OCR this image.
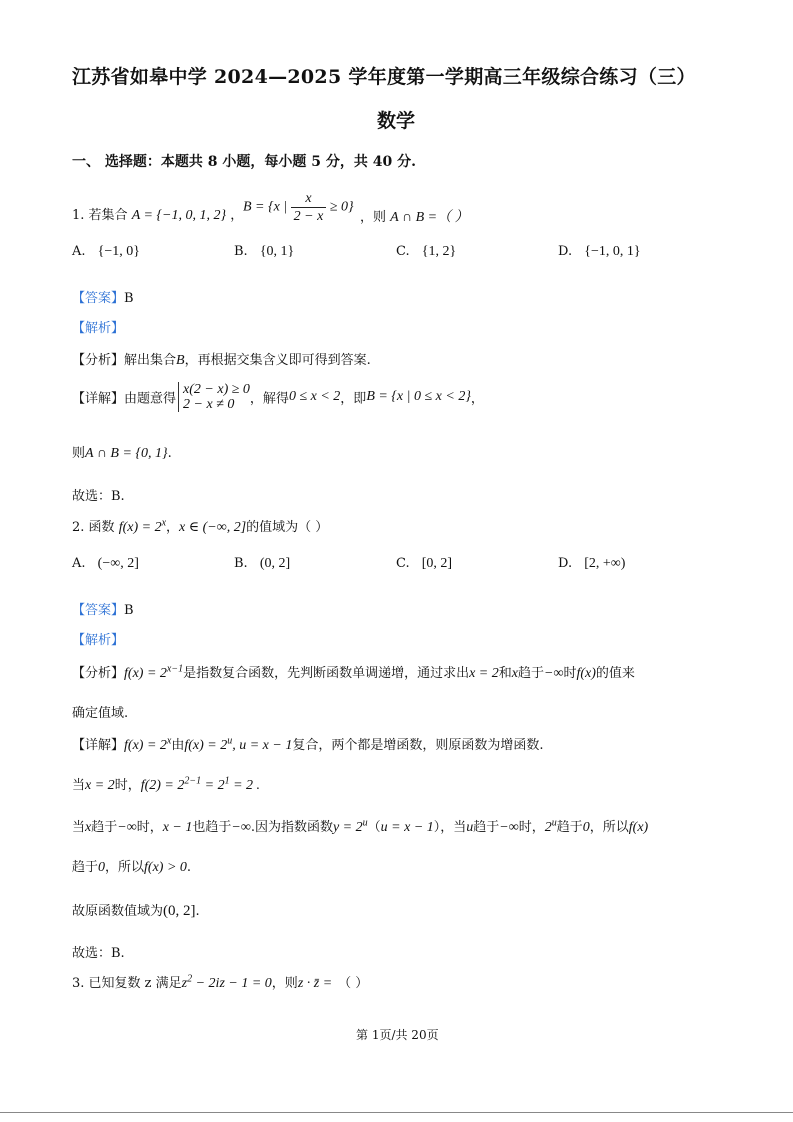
江苏省如皋中学 2024—2025 学年度第一学期高三年级综合练习（三）
数学
一、 选择题：本题共 8 小题，每小题 5 分，共 40 分.
1. 若集合 A = {−1, 0, 1, 2} ，
B = {x | $\frac{x}{2 - x} \ge 0$}
，则 A ∩ B =（ ）
A. {−1, 0}	B. {0, 1}	C. {1, 2}	D. {−1, 0, 1}
【答案】B
【解析】
【分析】解出集合B，再根据交集含义即可得到答案.
【详解】由题意得
x(2 − x) ≥ 0
2 − x ≠ 0	，解得0 ≤ x < 2，即B = {x | 0 ≤ x < 2}，
则A ∩ B = {0, 1}.
故选：B.
2. 函数 $f(x) = 2^x$，x ∈ (−∞, 2]的值域为（ ）
A. (−∞, 2]	B. (0, 2]	C. [0, 2]	D. [2, +∞)
【答案】B
【解析】
【分析】$f(x) = 2^{x-1}$是指数复合函数，先判断函数单调递增，通过求出x = 2和x趋于−∞时f(x)的值来
确定值域.
【详解】$f(x) = 2^x$由$f(x) = 2^u$, u = x − 1复合，两个都是增函数，则原函数为增函数.
当x = 2时，$f(2) = 2^{2-1} = 2^1 = 2$ .
当x趋于−∞时，x − 1也趋于−∞.因为指数函数$y = 2^u(u = x - 1)$，当u趋于−∞时，2$^u$趋于0，所以f(x)
趋于0，所以f(x) > 0.
故原函数值域为(0, 2].
故选：B.
3. 已知复数 z 满足$z^2 - 2iz - 1 = 0$，则z · z̄ = （ ）
第 1页/共 20页
